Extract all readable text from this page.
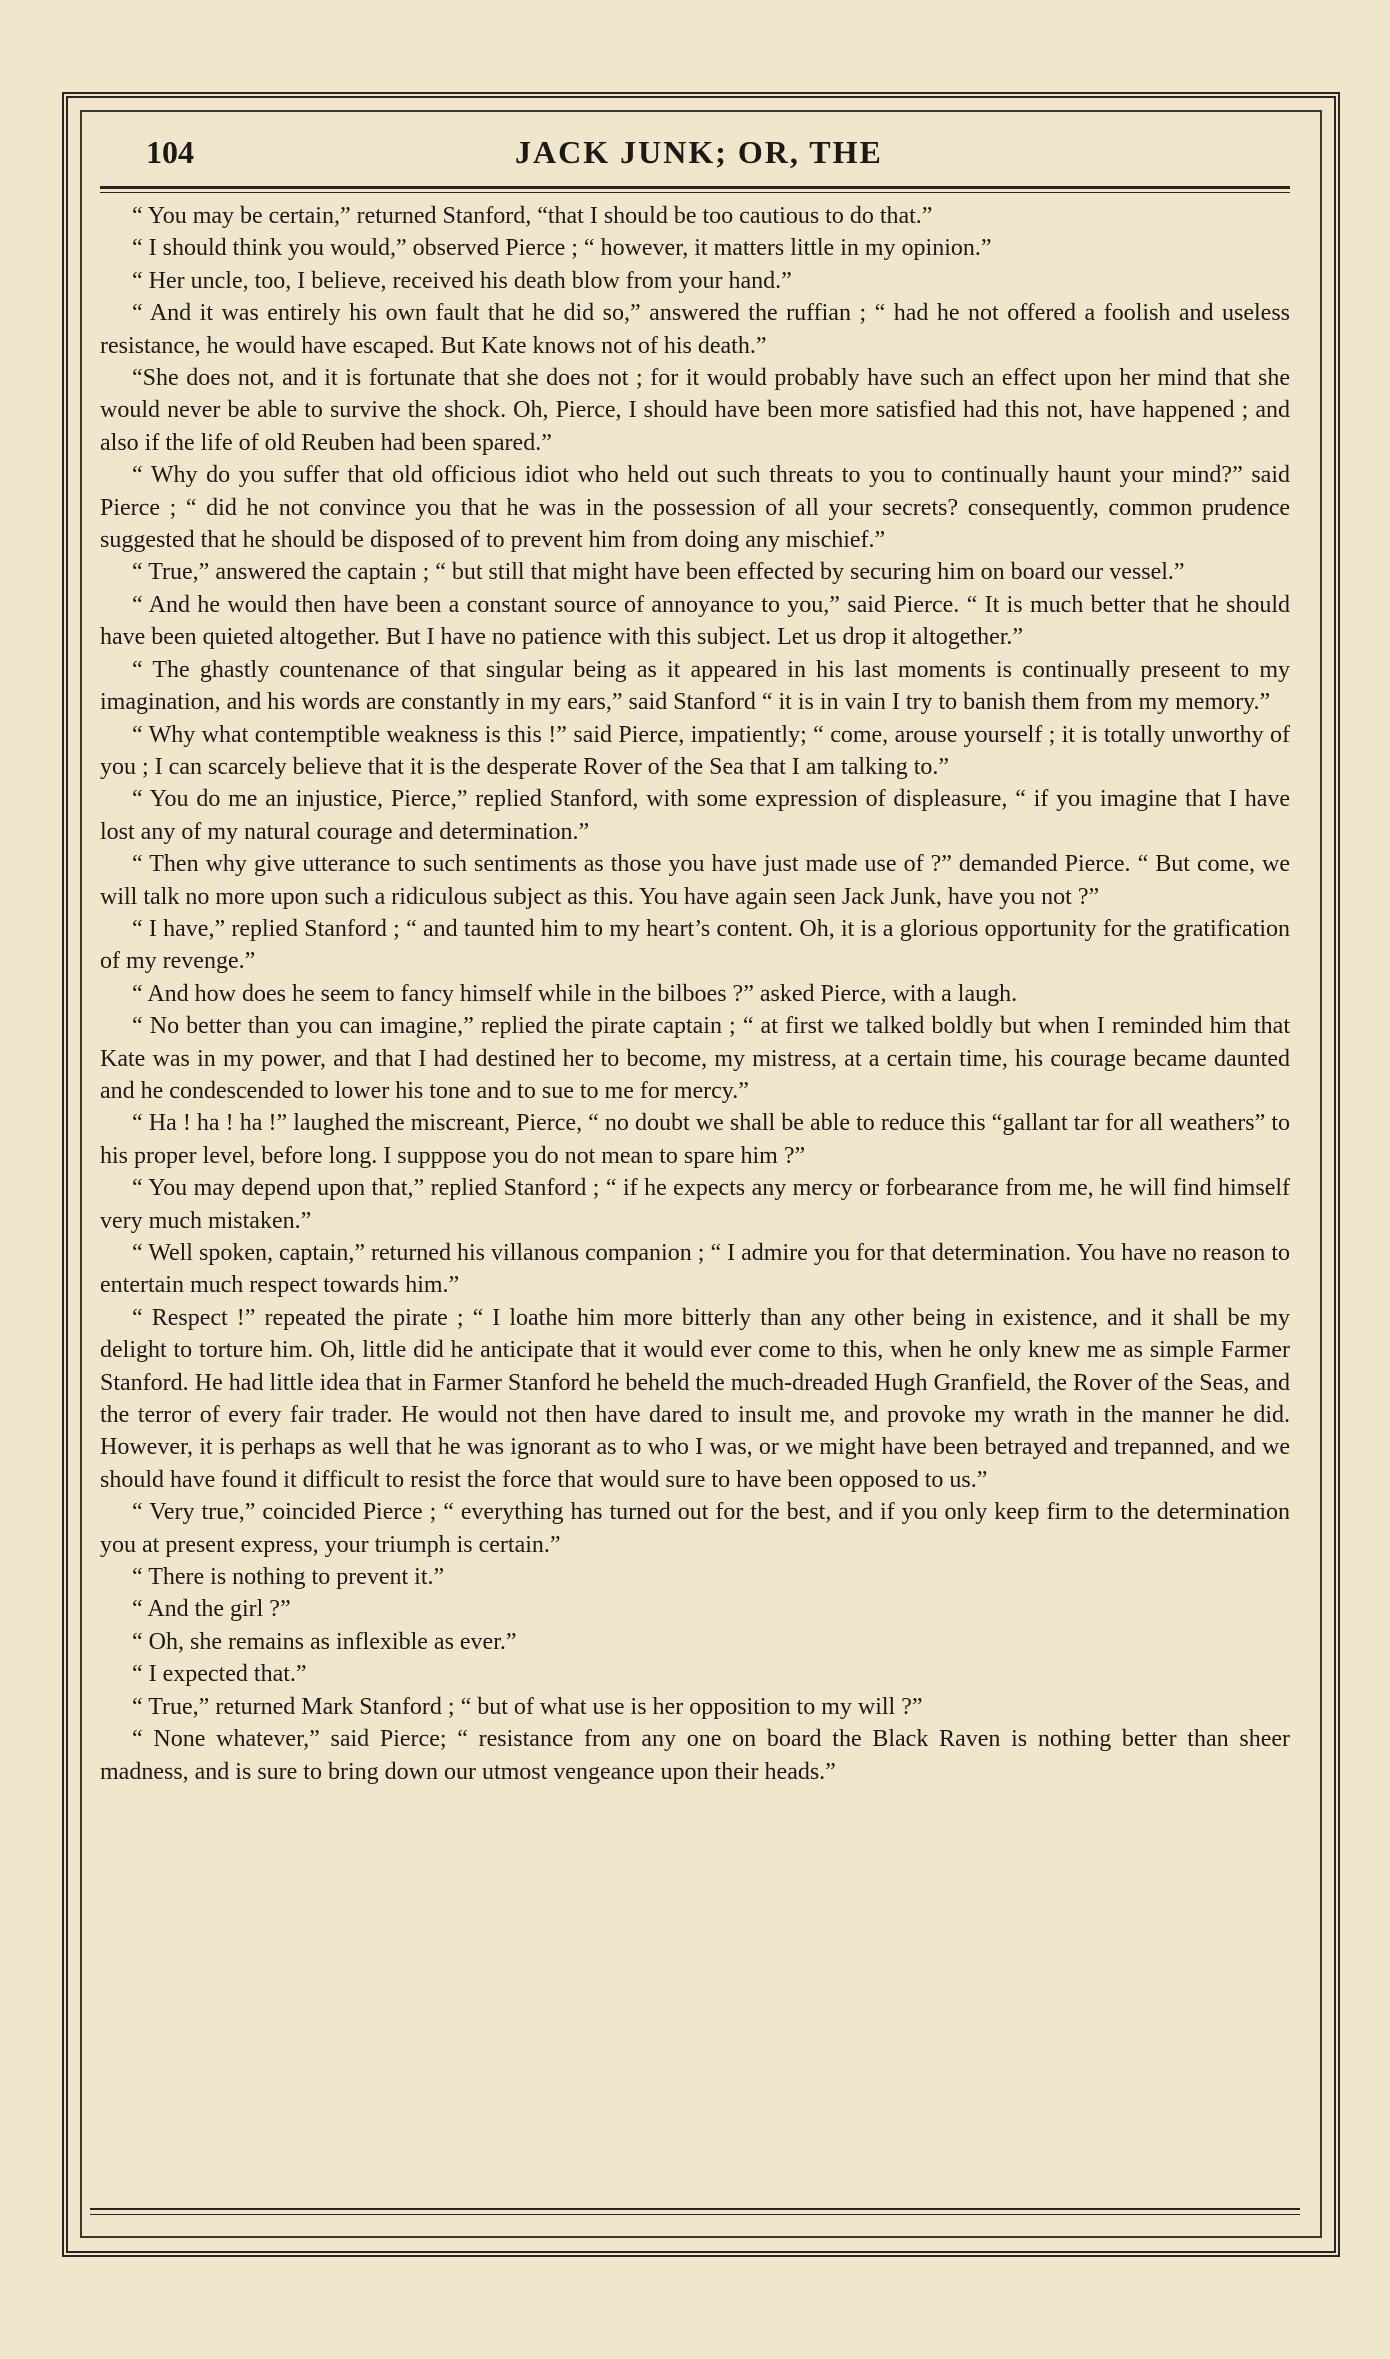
104	JACK JUNK; OR, THE

“ You may be certain,” returned Stanford, “that I should be too cautious to do that.”

“ I should think you would,” observed Pierce ; “ however, it matters little in my opinion.”

“ Her uncle, too, I believe, received his death blow from your hand.”

“ And it was entirely his own fault that he did so,” answered the ruffian ; “ had he not offered a foolish and useless resistance, he would have escaped. But Kate knows not of his death.”

“She does not, and it is fortunate that she does not ; for it would probably have such an effect upon her mind that she would never be able to survive the shock. Oh, Pierce, I should have been more satisfied had this not, have happened ; and also if the life of old Reuben had been spared.”

“ Why do you suffer that old officious idiot who held out such threats to you to continually haunt your mind?” said Pierce ; “ did he not convince you that he was in the possession of all your secrets? consequently, common prudence suggested that he should be disposed of to prevent him from doing any mischief.”

“ True,” answered the captain ; “ but still that might have been effected by securing him on board our vessel.”

“ And he would then have been a constant source of annoyance to you,” said Pierce. “ It is much better that he should have been quieted altogether. But I have no patience with this subject. Let us drop it altogether.”

“ The ghastly countenance of that singular being as it appeared in his last moments is continually preseent to my imagination, and his words are constantly in my ears,” said Stanford “ it is in vain I try to banish them from my memory.”

“ Why what contemptible weakness is this !” said Pierce, impatiently; “ come, arouse yourself ; it is totally unworthy of you ; I can scarcely believe that it is the desperate Rover of the Sea that I am talking to.”

“ You do me an injustice, Pierce,” replied Stanford, with some expression of displeasure, “ if you imagine that I have lost any of my natural courage and determination.”

“ Then why give utterance to such sentiments as those you have just made use of ?” demanded Pierce. “ But come, we will talk no more upon such a ridiculous subject as this. You have again seen Jack Junk, have you not ?”

“ I have,” replied Stanford ; “ and taunted him to my heart’s content. Oh, it is a glorious opportunity for the gratification of my revenge.”

“ And how does he seem to fancy himself while in the bilboes ?” asked Pierce, with a laugh.

“ No better than you can imagine,” replied the pirate captain ; “ at first we talked boldly but when I reminded him that Kate was in my power, and that I had destined her to become, my mistress, at a certain time, his courage became daunted and he condescended to lower his tone and to sue to me for mercy.”

“ Ha ! ha ! ha !” laughed the miscreant, Pierce, “ no doubt we shall be able to reduce this “gallant tar for all weathers” to his proper level, before long. I supppose you do not mean to spare him ?”

“ You may depend upon that,” replied Stanford ; “ if he expects any mercy or forbearance from me, he will find himself very much mistaken.”

“ Well spoken, captain,” returned his villanous companion ; “ I admire you for that determination. You have no reason to entertain much respect towards him.”

“ Respect !” repeated the pirate ; “ I loathe him more bitterly than any other being in existence, and it shall be my delight to torture him. Oh, little did he anticipate that it would ever come to this, when he only knew me as simple Farmer Stanford. He had little idea that in Farmer Stanford he beheld the much-dreaded Hugh Granfield, the Rover of the Seas, and the terror of every fair trader. He would not then have dared to insult me, and provoke my wrath in the manner he did. However, it is perhaps as well that he was ignorant as to who I was, or we might have been betrayed and trepanned, and we should have found it difficult to resist the force that would sure to have been opposed to us.”

“ Very true,” coincided Pierce ; “ everything has turned out for the best, and if you only keep firm to the determination you at present express, your triumph is certain.”

“ There is nothing to prevent it.”

“ And the girl ?”

“ Oh, she remains as inflexible as ever.”

“ I expected that.”

“ True,” returned Mark Stanford ; “ but of what use is her opposition to my will ?”

“ None whatever,” said Pierce; “ resistance from any one on board the Black Raven is nothing better than sheer madness, and is sure to bring down our utmost vengeance upon their heads.”
